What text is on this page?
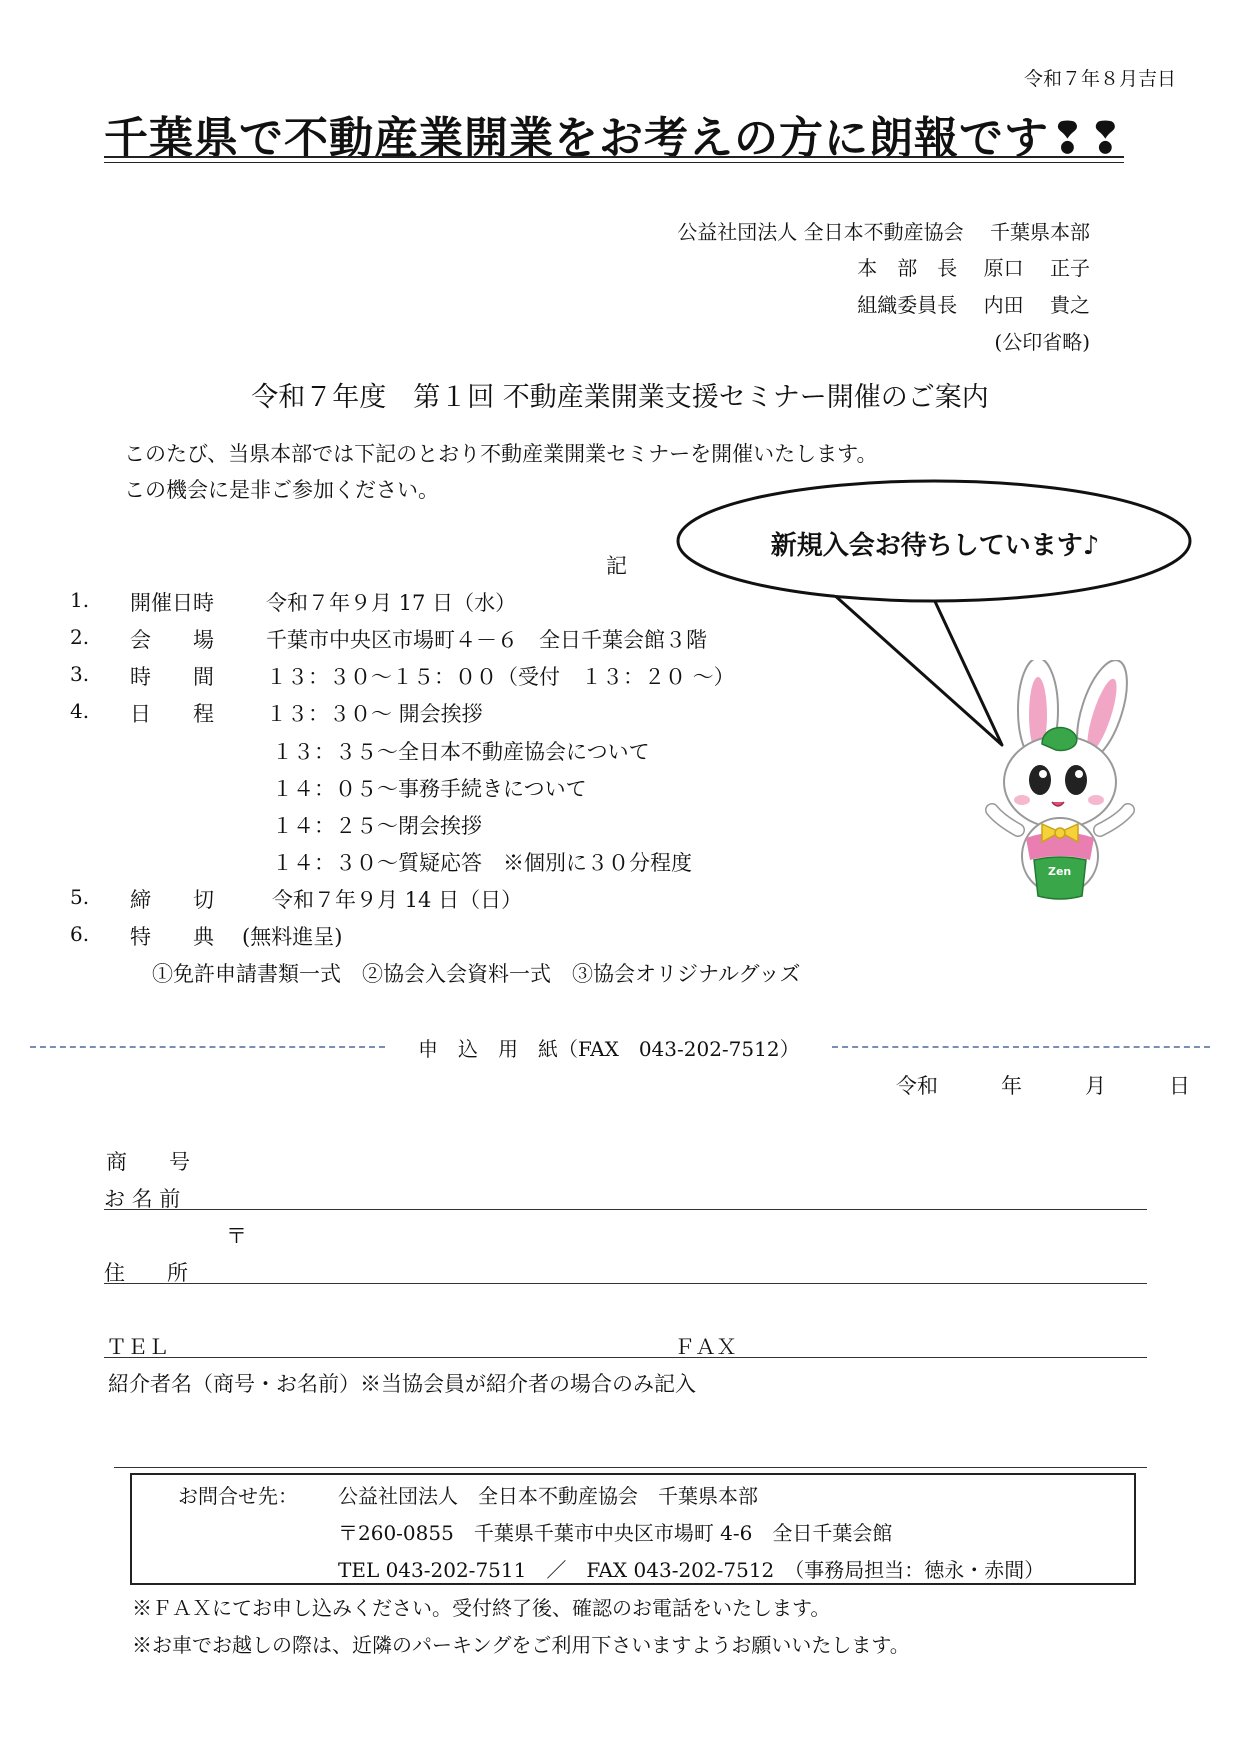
令和７年８月吉日
千葉県で不動産業開業をお考えの方に朗報です❢❢
公益社団法人 全日本不動産協会　 千葉県本部
本　部　長　 原口　 正子
組織委員長　 内田　 貴之
(公印省略)
令和７年度　第１回 不動産業開業支援セミナー開催のご案内
このたび、当県本部では下記のとおり不動産業開業セミナーを開催いたします。
この機会に是非ご参加ください。
記
1. 開催日時 令和７年９月 17 日（水）
2. 会　　場 千葉市中央区市場町４－６　全日千葉会館３階
3. 時　　間 １３：３０～１５：００（受付　１３：２０ ～）
4. 日　　程 １３：３０～ 開会挨拶
１３：３５～全日本不動産協会について
１４：０５～事務手続きについて
１４：２５～閉会挨拶
１４：３０～質疑応答　※個別に３０分程度
5. 締　　切	令和７年９月 14 日（日）
6. 特　　典 (無料進呈)
①免許申請書類一式　②協会入会資料一式　③協会オリジナルグッズ
新規入会お待ちしています♪
Zen
申　込　用　紙（FAX　043-202-7512）
令和　　　年　　　月　　　日
商　　号
お 名 前
〒
住　　所
ＴＥＬ	ＦＡＸ
紹介者名（商号・お名前）※当協会員が紹介者の場合のみ記入
お問合せ先： 公益社団法人　全日本不動産協会　千葉県本部
〒260-0855　千葉県千葉市中央区市場町 4-6　全日千葉会館
TEL 043-202-7511　／　FAX 043-202-7512　（事務局担当：徳永・赤間）
※ＦＡＸにてお申し込みください。受付終了後、確認のお電話をいたします。
※お車でお越しの際は、近隣のパーキングをご利用下さいますようお願いいたします。
